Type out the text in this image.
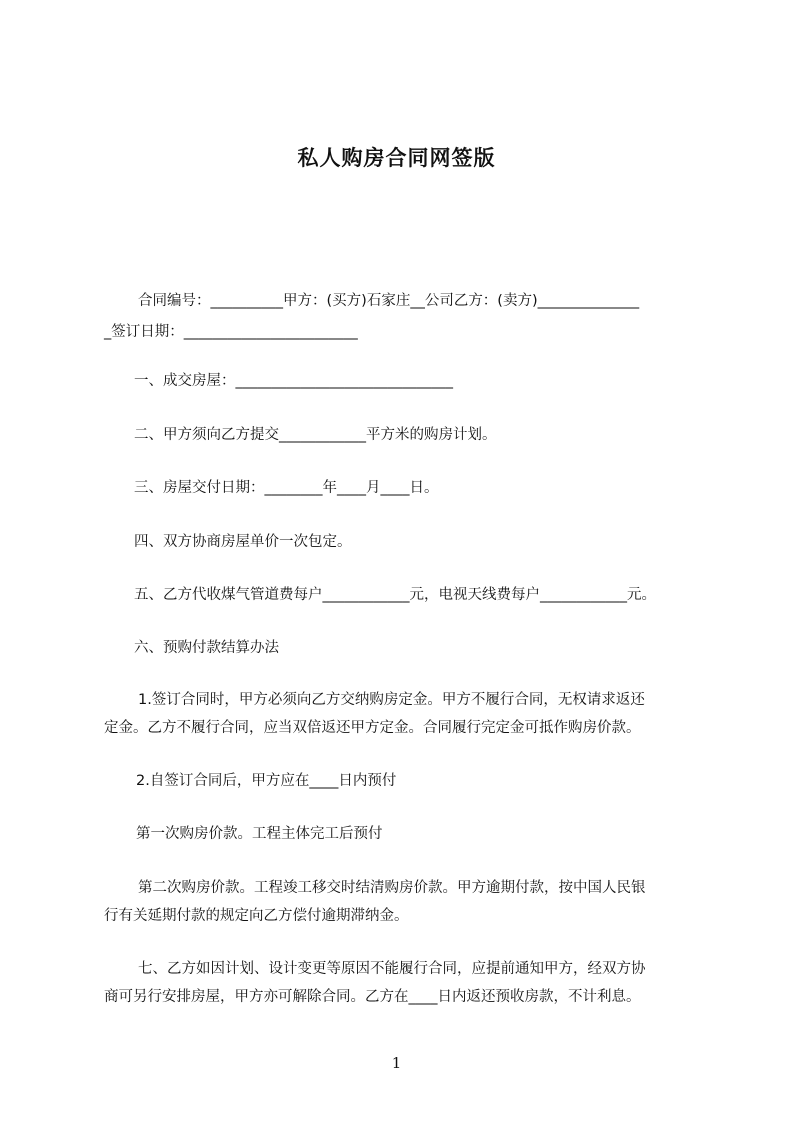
私人购房合同网签版
合同编号：__________甲方：(买方)石家庄__公司乙方：(卖方)______________
_签订日期：________________________
一、成交房屋：______________________________
二、甲方须向乙方提交____________平方米的购房计划。
三、房屋交付日期：________年____月____日。
四、双方协商房屋单价一次包定。
五、乙方代收煤气管道费每户____________元，电视天线费每户____________元。
六、预购付款结算办法
1.签订合同时，甲方必须向乙方交纳购房定金。甲方不履行合同，无权请求返还
定金。乙方不履行合同，应当双倍返还甲方定金。合同履行完定金可抵作购房价款。
2.自签订合同后，甲方应在____日内预付
第一次购房价款。工程主体完工后预付
第二次购房价款。工程竣工移交时结清购房价款。甲方逾期付款，按中国人民银
行有关延期付款的规定向乙方偿付逾期滞纳金。
七、乙方如因计划、设计变更等原因不能履行合同，应提前通知甲方，经双方协
商可另行安排房屋，甲方亦可解除合同。乙方在____日内返还预收房款，不计利息。
1
